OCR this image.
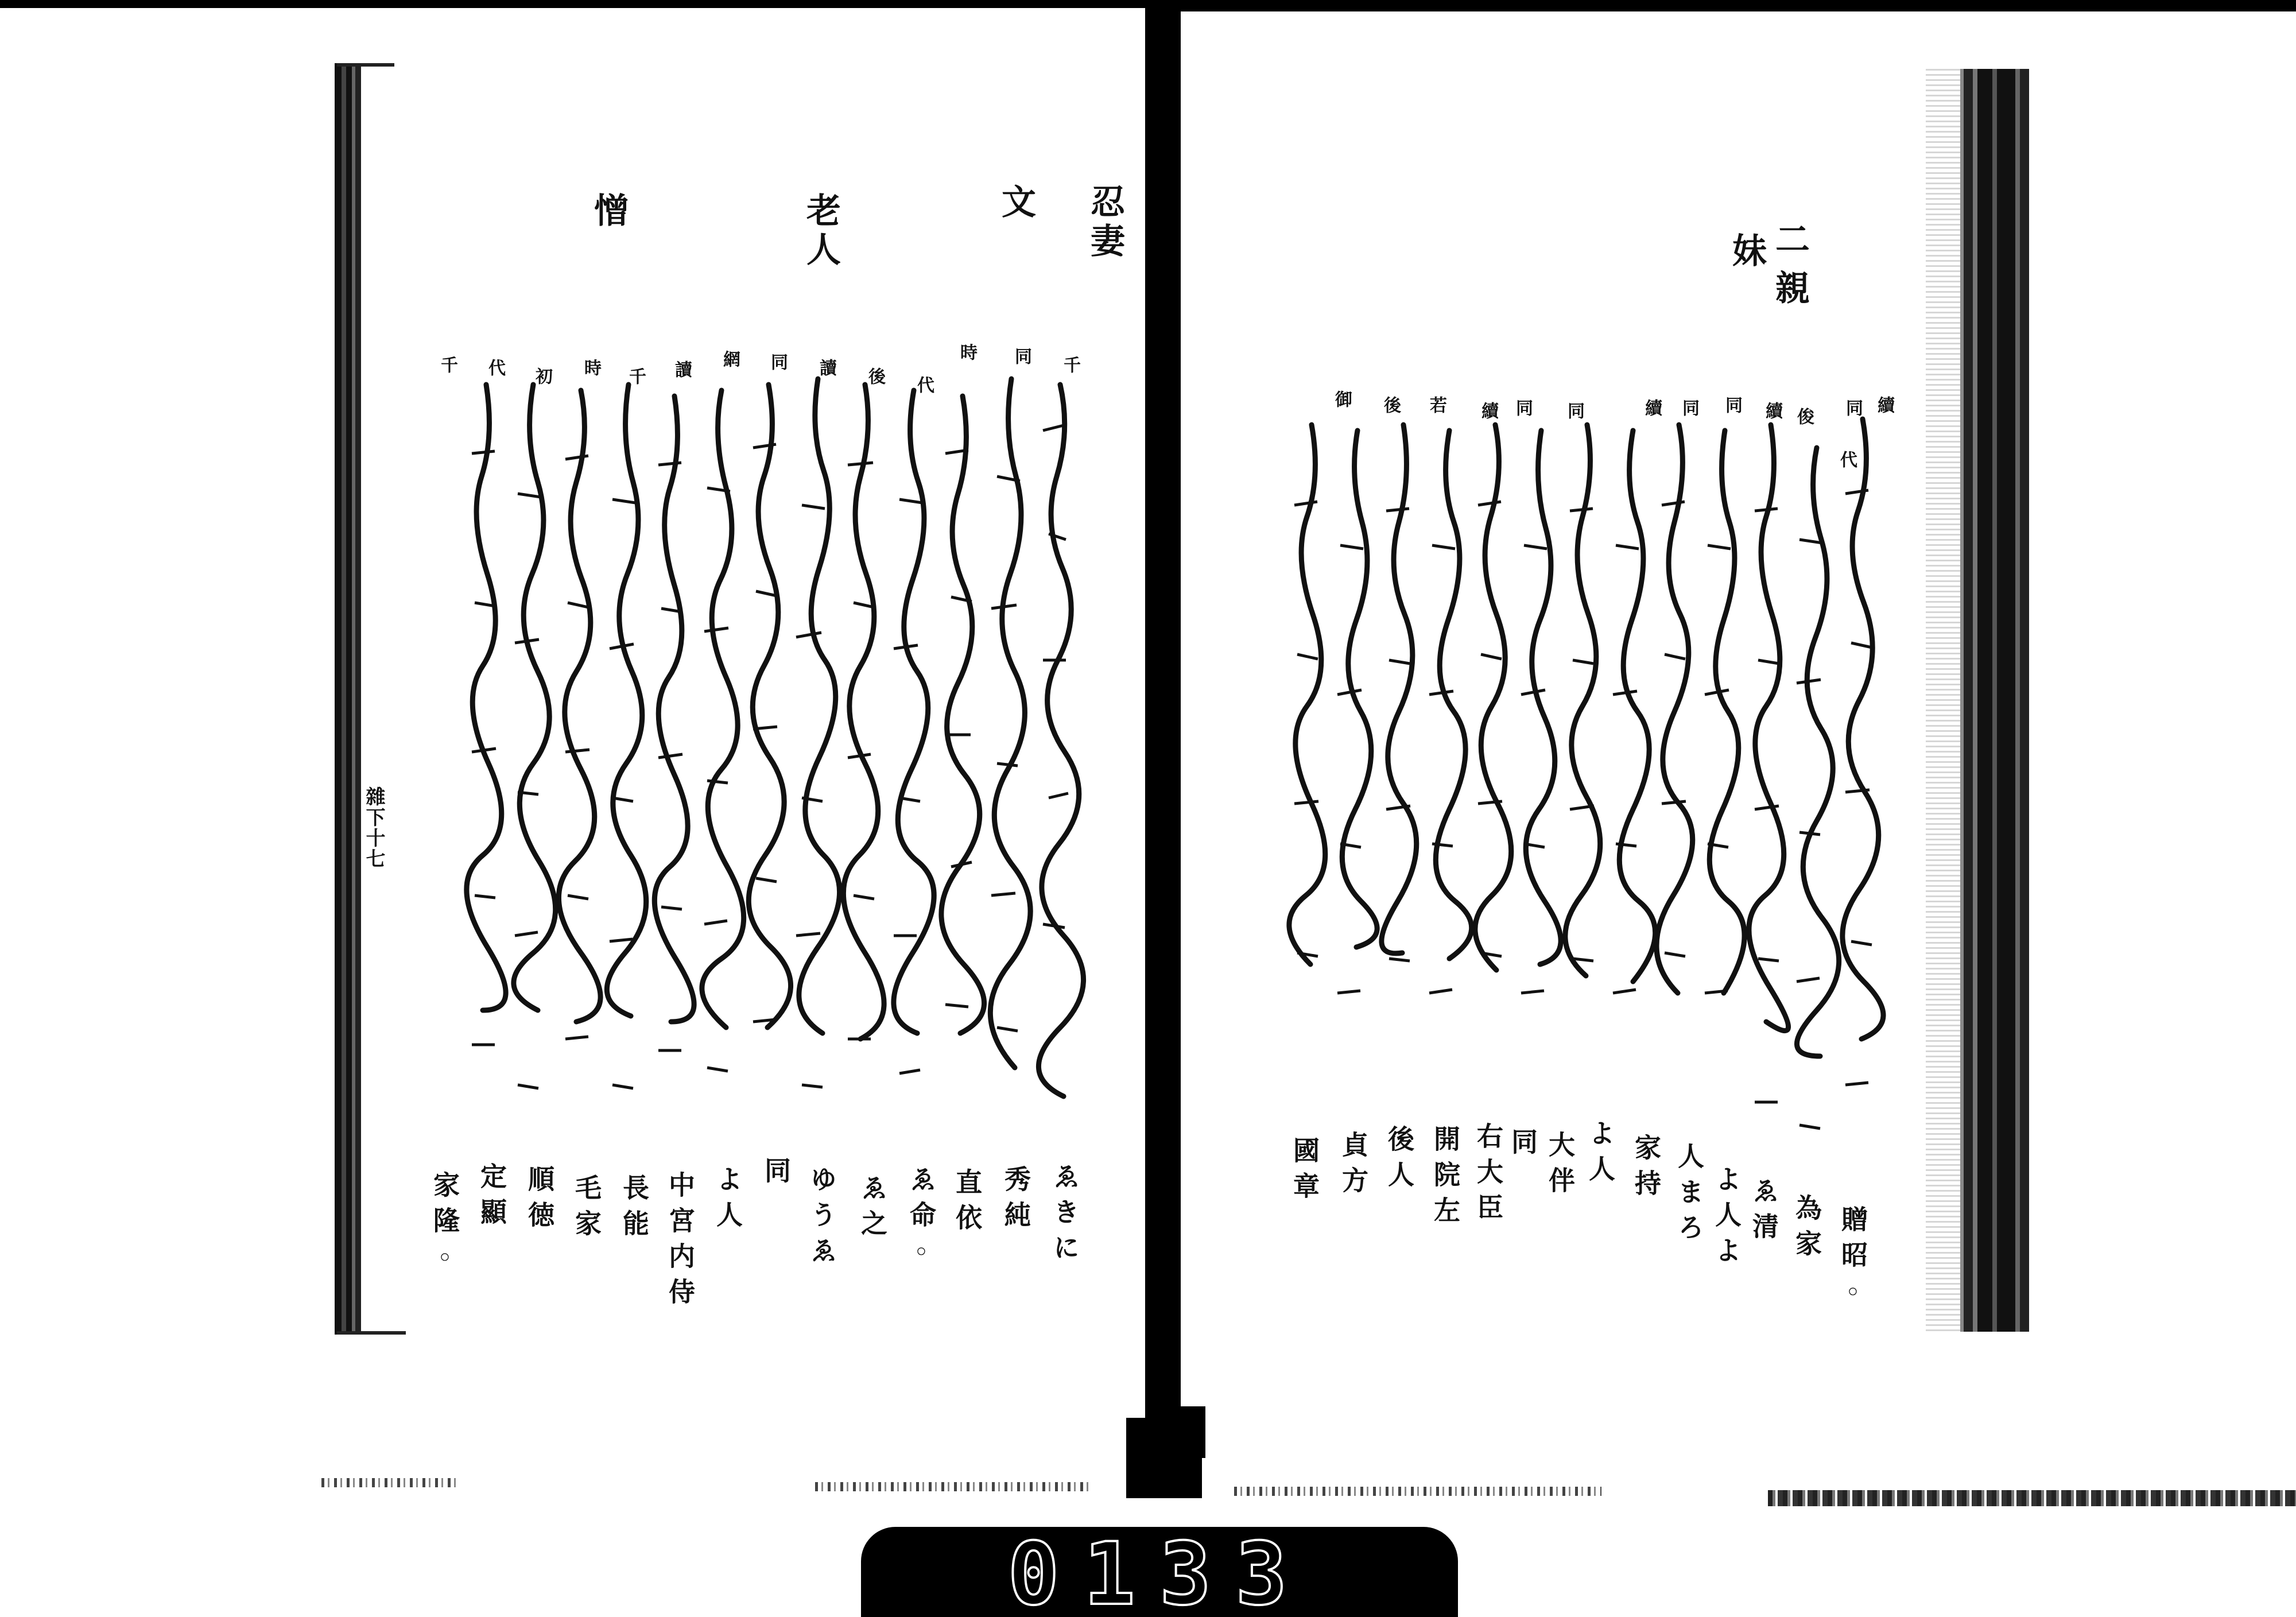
忍妻
文
老人
憎
千
同
時
代
後
讀
同
網
讀
千
時
初
代
千
ゑきに
秀純
直依
ゑ命◦
ゑ之
ゆうゑ
同
よ人
中宮内侍
長能
毛家
順徳
定顯
家隆◦
雜下十七
二
親
妹
續
代
同
俊
續
同
同
續
同
同
續
若
後
御
贈昭◦
為家
ゑ清
よ人よ
人まろ
家持
よ人
大伴
同
右大臣
開院左
後人
貞方
國章
0133
